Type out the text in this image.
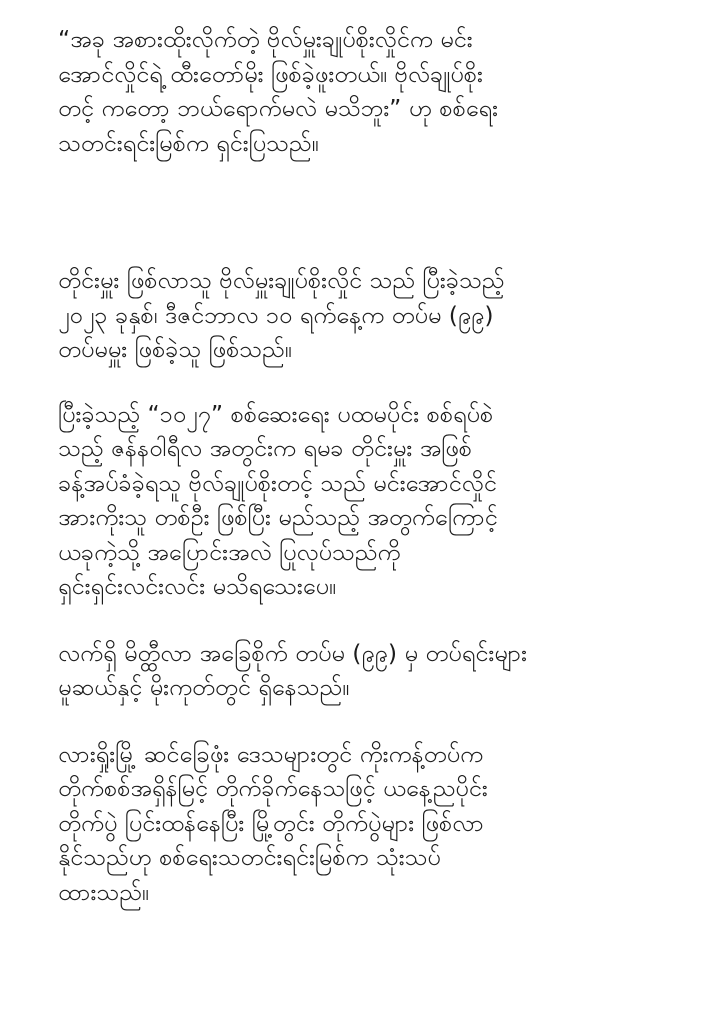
“အခု အစားထိုးလိုက်တဲ့ ဗိုလ်မှူးချုပ်စိုးလှိုင်က မင်း
အောင်လှိုင်ရဲ့ ထီးတော်မိုး ဖြစ်ခဲ့ဖူးတယ်။ ဗိုလ်ချုပ်စိုး
တင့် ကတော့ ဘယ်ရောက်မလဲ မသိဘူး” ဟု စစ်ရေး
သတင်းရင်းမြစ်က ရှင်းပြသည်။

တိုင်းမှူး ဖြစ်လာသူ ဗိုလ်မှူးချုပ်စိုးလှိုင် သည် ပြီးခဲ့သည့်
၂၀၂၃ ခုနှစ်၊ ဒီဇင်ဘာလ ၁၀ ရက်နေ့က တပ်မ (၉၉)
တပ်မမှူး ဖြစ်ခဲ့သူ ဖြစ်သည်။

ပြီးခဲ့သည့် “၁၀၂၇” စစ်ဆေးရေး ပထမပိုင်း စစ်ရပ်စဲ
သည့် ဇန်နဝါရီလ အတွင်းက ရမခ တိုင်းမှူး အဖြစ်
ခန့်အပ်ခံခဲ့ရသူ ဗိုလ်ချုပ်စိုးတင့် သည် မင်းအောင်လှိုင်
အားကိုးသူ တစ်ဦး ဖြစ်ပြီး မည်သည့် အတွက်ကြောင့်
ယခုကဲ့သို့ အပြောင်းအလဲ ပြုလုပ်သည်ကို
ရှင်းရှင်းလင်းလင်း မသိရသေးပေ။

လက်ရှိ မိတ္ထီလာ အခြေစိုက် တပ်မ (၉၉) မှ တပ်ရင်းများ
မူဆယ်နှင့် မိုးကုတ်တွင် ရှိနေသည်။

လားရှိုးမြို့ ဆင်ခြေဖုံး ဒေသများတွင် ကိုးကန့်တပ်က
တိုက်စစ်အရှိန်မြင့် တိုက်ခိုက်နေသဖြင့် ယနေ့ညပိုင်း
တိုက်ပွဲ ပြင်းထန်နေပြီး မြို့တွင်း တိုက်ပွဲများ ဖြစ်လာ
နိုင်သည်ဟု စစ်ရေးသတင်းရင်းမြစ်က သုံးသပ်
ထားသည်။
